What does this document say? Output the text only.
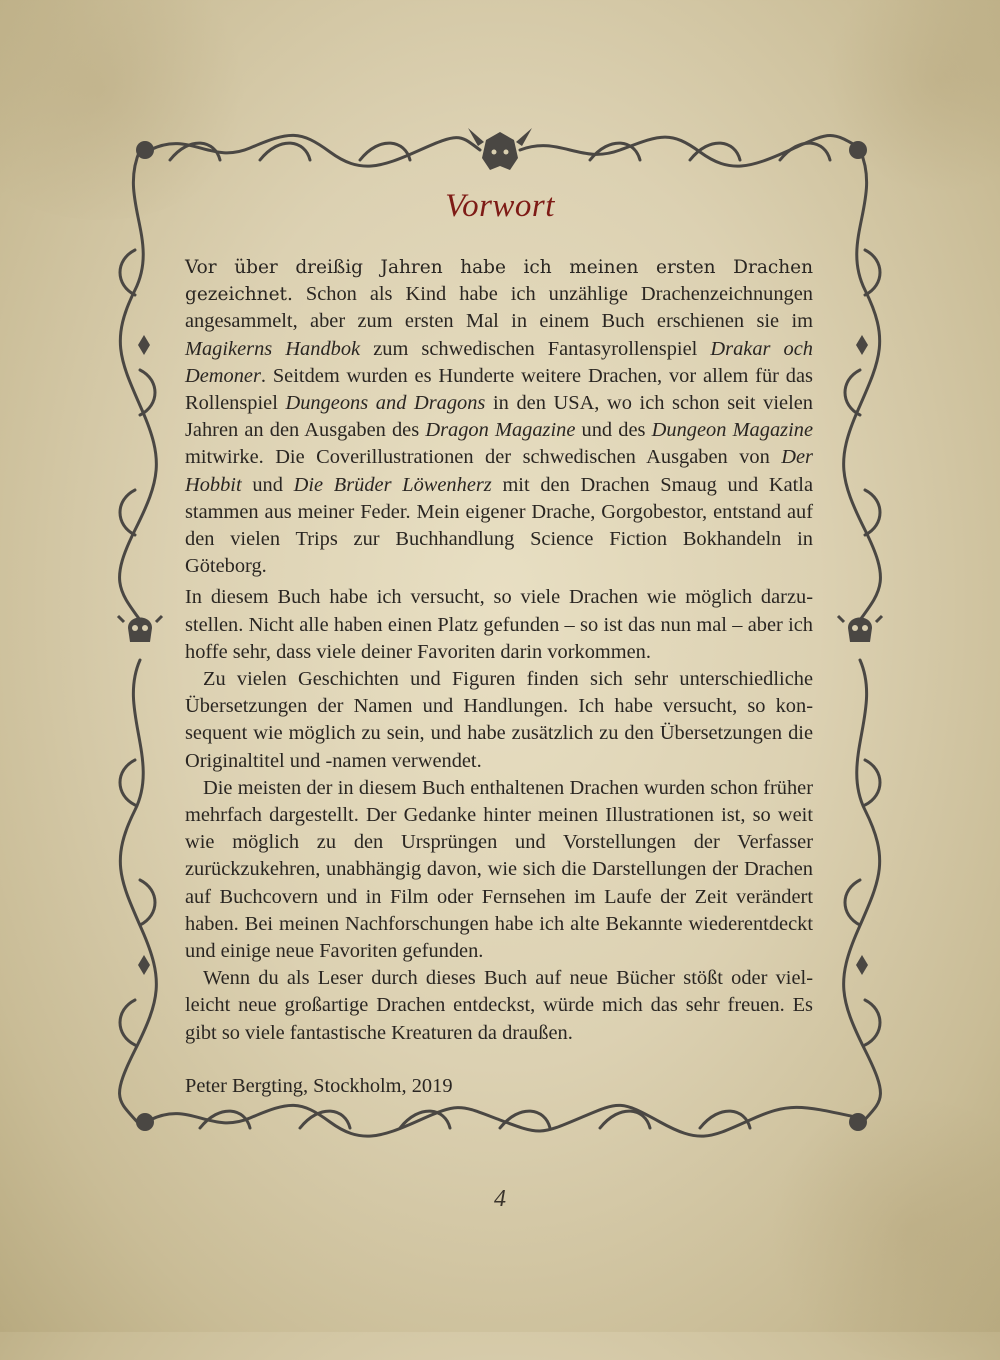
Vorwort

Vor über dreißig Jahren habe ich meinen ersten Drachen gezeichnet. Schon als Kind habe ich unzählige Drachenzeichnungen angesammelt, aber zum ersten Mal in einem Buch erschienen sie im Magikerns Handbok zum schwedischen Fantasyrollenspiel Drakar och Demoner. Seitdem wurden es Hunderte weitere Drachen, vor allem für das Rollenspiel Dungeons and Dragons in den USA, wo ich schon seit vielen Jahren an den Ausgaben des Dragon Magazine und des Dungeon Magazine mitwirke. Die Coverillustrationen der schwedischen Ausgaben von Der Hobbit und Die Brüder Löwenherz mit den Drachen Smaug und Katla stammen aus meiner Feder. Mein eigener Drache, Gorgobestor, entstand auf den vielen Trips zur Buchhandlung Science Fiction Bokhandeln in Göteborg.

In diesem Buch habe ich versucht, so viele Drachen wie möglich darzustellen. Nicht alle haben einen Platz gefunden – so ist das nun mal – aber ich hoffe sehr, dass viele deiner Favoriten darin vorkommen.

Zu vielen Geschichten und Figuren finden sich sehr unterschiedliche Übersetzungen der Namen und Handlungen. Ich habe versucht, so konsequent wie möglich zu sein, und habe zusätzlich zu den Übersetzungen die Originaltitel und -namen verwendet.

Die meisten der in diesem Buch enthaltenen Drachen wurden schon früher mehrfach dargestellt. Der Gedanke hinter meinen Illustrationen ist, so weit wie möglich zu den Ursprüngen und Vorstellungen der Verfasser zurückzukehren, unabhängig davon, wie sich die Darstellungen der Drachen auf Buchcovern und in Film oder Fernsehen im Laufe der Zeit verändert haben. Bei meinen Nachforschungen habe ich alte Bekannte wiederentdeckt und einige neue Favoriten gefunden.

Wenn du als Leser durch dieses Buch auf neue Bücher stößt oder vielleicht neue großartige Drachen entdeckst, würde mich das sehr freuen. Es gibt so viele fantastische Kreaturen da draußen.

Peter Bergting, Stockholm, 2019

4
